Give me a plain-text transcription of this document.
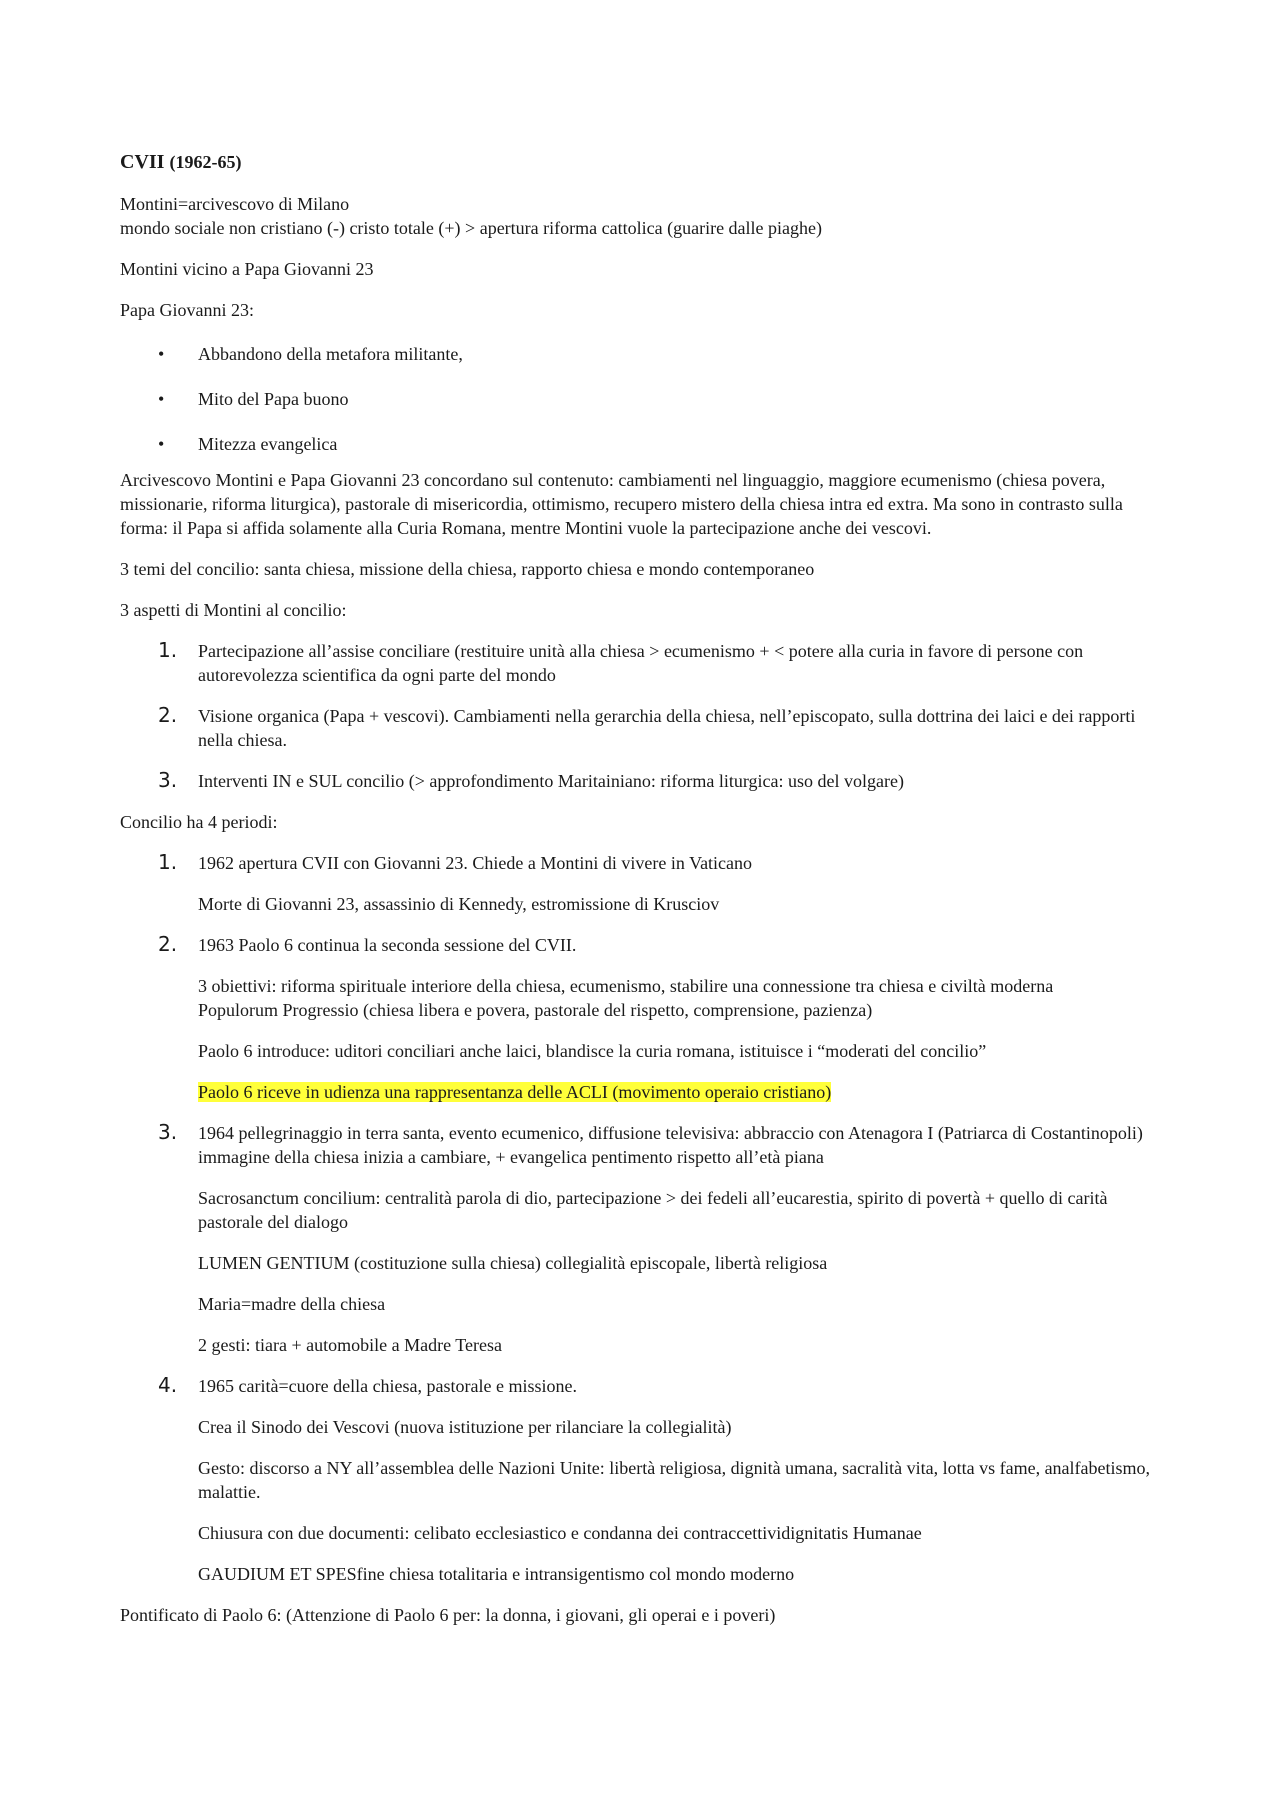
CVII (1962-65)

Montini=arcivescovo di Milano

mondo sociale non cristiano (-) cristo totale (+) > apertura riforma cattolica (guarire dalle piaghe)

Montini vicino a Papa Giovanni 23

Papa Giovanni 23:

• Abbandono della metafora militante,
• Mito del Papa buono
• Mitezza evangelica

Arcivescovo Montini e Papa Giovanni 23 concordano sul contenuto: cambiamenti nel linguaggio, maggiore ecumenismo (chiesa povera, missionarie, riforma liturgica), pastorale di misericordia, ottimismo, recupero mistero della chiesa intra ed extra. Ma sono in contrasto sulla forma: il Papa si affida solamente alla Curia Romana, mentre Montini vuole la partecipazione anche dei vescovi.

3 temi del concilio: santa chiesa, missione della chiesa, rapporto chiesa e mondo contemporaneo

3 aspetti di Montini al concilio:

1. Partecipazione all’assise conciliare (restituire unità alla chiesa > ecumenismo + < potere alla curia in favore di persone con autorevolezza scientifica da ogni parte del mondo
2. Visione organica (Papa + vescovi). Cambiamenti nella gerarchia della chiesa, nell’episcopato, sulla dottrina dei laici e dei rapporti nella chiesa.
3. Interventi IN e SUL concilio (> approfondimento Maritainiano: riforma liturgica: uso del volgare)

Concilio ha 4 periodi:

1. 1962 apertura CVII con Giovanni 23. Chiede a Montini di vivere in Vaticano
Morte di Giovanni 23, assassinio di Kennedy, estromissione di Krusciov
2. 1963 Paolo 6 continua la seconda sessione del CVII.
3 obiettivi: riforma spirituale interiore della chiesa, ecumenismo, stabilire una connessione tra chiesa e civiltà moderna
Populorum Progressio (chiesa libera e povera, pastorale del rispetto, comprensione, pazienza)
Paolo 6 introduce: uditori conciliari anche laici, blandisce la curia romana, istituisce i “moderati del concilio”
Paolo 6 riceve in udienza una rappresentanza delle ACLI (movimento operaio cristiano)
3. 1964 pellegrinaggio in terra santa, evento ecumenico, diffusione televisiva: abbraccio con Atenagora I (Patriarca di Costantinopoli) immagine della chiesa inizia a cambiare, + evangelica pentimento rispetto all’età piana
Sacrosanctum concilium: centralità parola di dio, partecipazione > dei fedeli all’eucarestia, spirito di povertà + quello di carità pastorale del dialogo
LUMEN GENTIUM (costituzione sulla chiesa) collegialità episcopale, libertà religiosa
Maria=madre della chiesa
2 gesti: tiara + automobile a Madre Teresa
4. 1965 carità=cuore della chiesa, pastorale e missione.
Crea il Sinodo dei Vescovi (nuova istituzione per rilanciare la collegialità)
Gesto: discorso a NY all’assemblea delle Nazioni Unite: libertà religiosa, dignità umana, sacralità vita, lotta vs fame, analfabetismo, malattie.
Chiusura con due documenti: celibato ecclesiastico e condanna dei contraccettividignitatis Humanae
GAUDIUM ET SPESfine chiesa totalitaria e intransigentismo col mondo moderno

Pontificato di Paolo 6: (Attenzione di Paolo 6 per: la donna, i giovani, gli operai e i poveri)
